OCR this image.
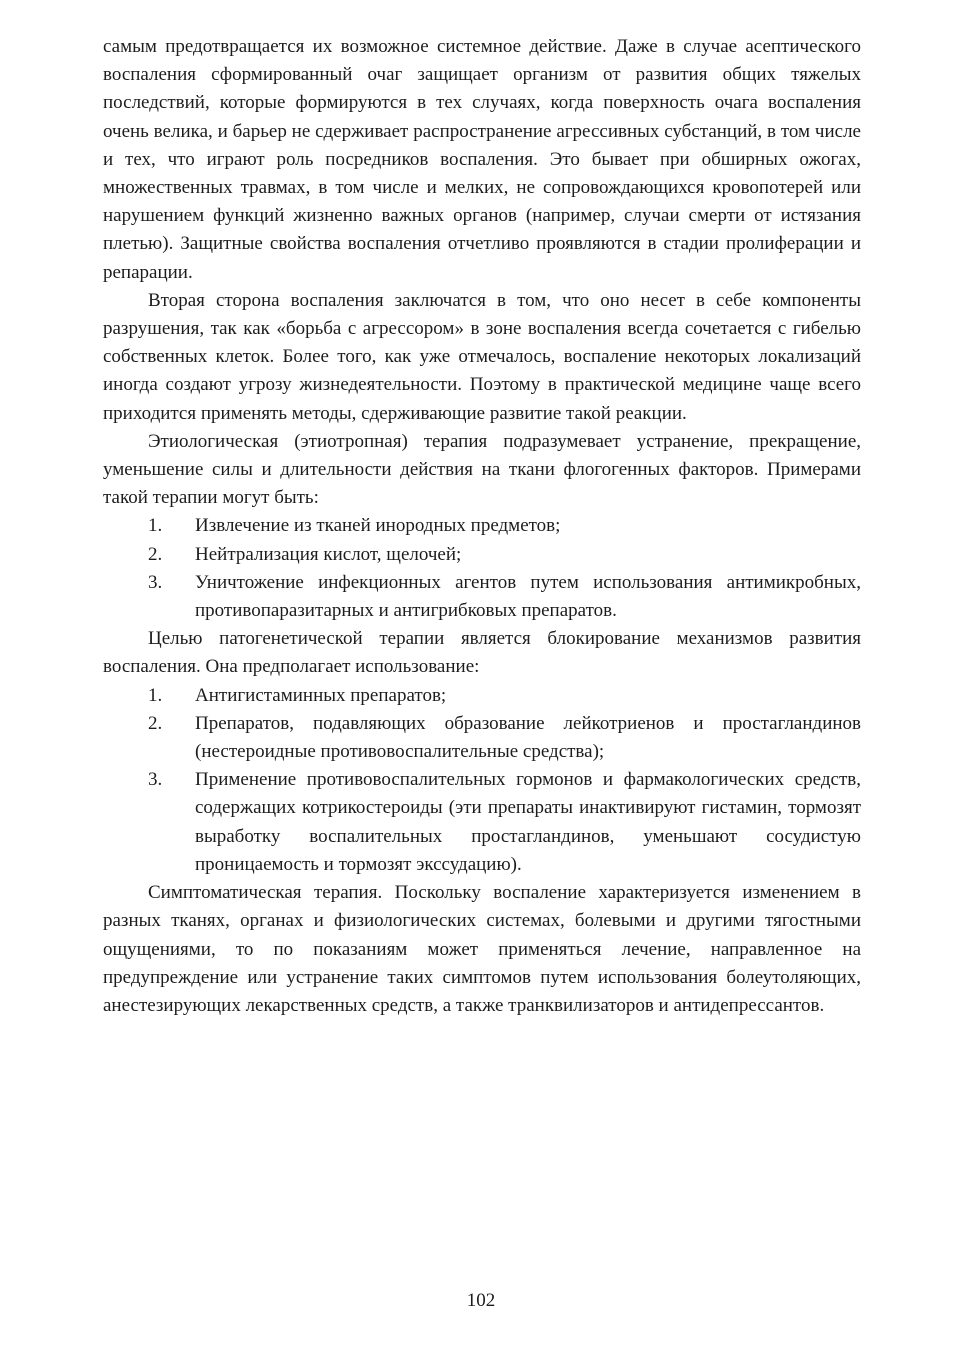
самым предотвращается их возможное системное действие. Даже в случае асептического воспаления сформированный очаг защищает организм от развития общих тяжелых последствий, которые формируются в тех случаях, когда поверхность очага воспаления очень велика, и барьер не сдерживает распространение агрессивных субстанций, в том числе и тех, что играют роль посредников воспаления. Это бывает при обширных ожогах, множественных травмах, в том числе и мелких, не сопровождающихся кровопотерей или нарушением функций жизненно важных органов (например, случаи смерти от истязания плетью). Защитные свойства воспаления отчетливо проявляются в стадии пролиферации и репарации.

Вторая сторона воспаления заключатся в том, что оно несет в себе компоненты разрушения, так как «борьба с агрессором» в зоне воспаления всегда сочетается с гибелью собственных клеток. Более того, как уже отмечалось, воспаление некоторых локализаций иногда создают угрозу жизнедеятельности. Поэтому в практической медицине чаще всего приходится применять методы, сдерживающие развитие такой реакции.

Этиологическая (этиотропная) терапия подразумевает устранение, прекращение, уменьшение силы и длительности действия на ткани флогогенных факторов. Примерами такой терапии могут быть:

1. Извлечение из тканей инородных предметов;
2. Нейтрализация кислот, щелочей;
3. Уничтожение инфекционных агентов путем использования антимикробных, противопаразитарных и антигрибковых препаратов.

Целью патогенетической терапии является блокирование механизмов развития воспаления. Она предполагает использование:

1. Антигистаминных препаратов;
2. Препаратов, подавляющих образование лейкотриенов и простагландинов (нестероидные противовоспалительные средства);
3. Применение противовоспалительных гормонов и фармакологических средств, содержащих котрикостероиды (эти препараты инактивируют гистамин, тормозят выработку воспалительных простагландинов, уменьшают сосудистую проницаемость и тормозят экссудацию).

Симптоматическая терапия. Поскольку воспаление характеризуется изменением в разных тканях, органах и физиологических системах, болевыми и другими тягостными ощущениями, то по показаниям может применяться лечение, направленное на предупреждение или устранение таких симптомов путем использования болеутоляющих, анестезирующих лекарственных средств, а также транквилизаторов и антидепрессантов.

102
